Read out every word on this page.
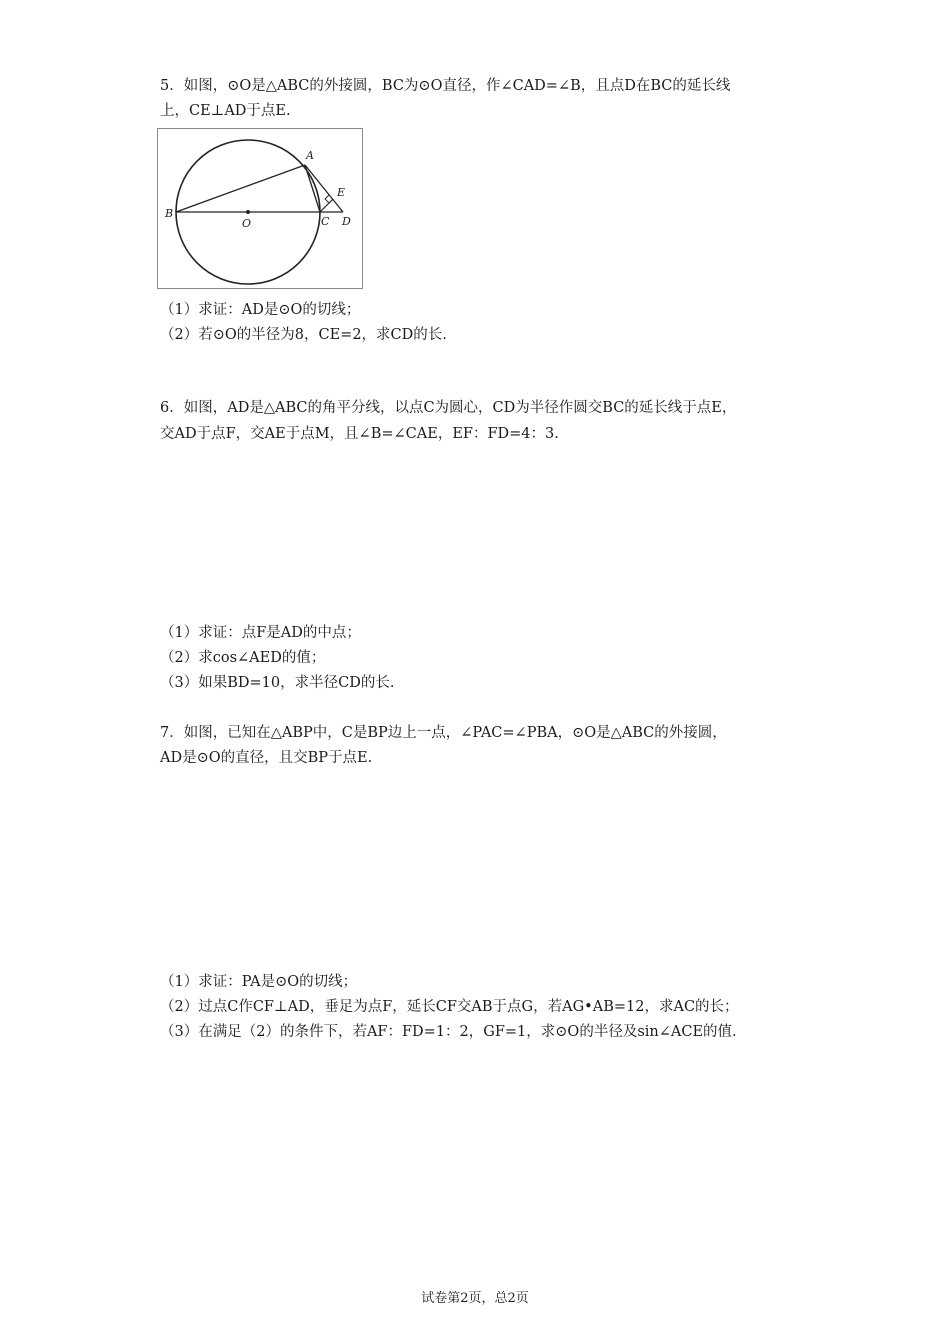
5．如图，⊙O是△ABC的外接圆，BC为⊙O直径，作∠CAD=∠B，且点D在BC的延长线
上，CE⊥AD于点E.
A
B
O	C D
E
（1）求证：AD是⊙O的切线；
（2）若⊙O的半径为8，CE=2，求CD的长.
6．如图，AD是△ABC的角平分线，以点C为圆心，CD为半径作圆交BC的延长线于点E，
交AD于点F，交AE于点M，且∠B=∠CAE，EF：FD=4：3.
（1）求证：点F是AD的中点；
（2）求cos∠AED的值；
（3）如果BD=10，求半径CD的长.
7．如图，已知在△ABP中，C是BP边上一点，∠PAC=∠PBA，⊙O是△ABC的外接圆，
AD是⊙O的直径，且交BP于点E.
（1）求证：PA是⊙O的切线；
（2）过点C作CF⊥AD，垂足为点F，延长CF交AB于点G，若AG•AB=12，求AC的长；
（3）在满足（2）的条件下，若AF：FD=1：2，GF=1，求⊙O的半径及sin∠ACE的值.
试卷第2页，总2页
